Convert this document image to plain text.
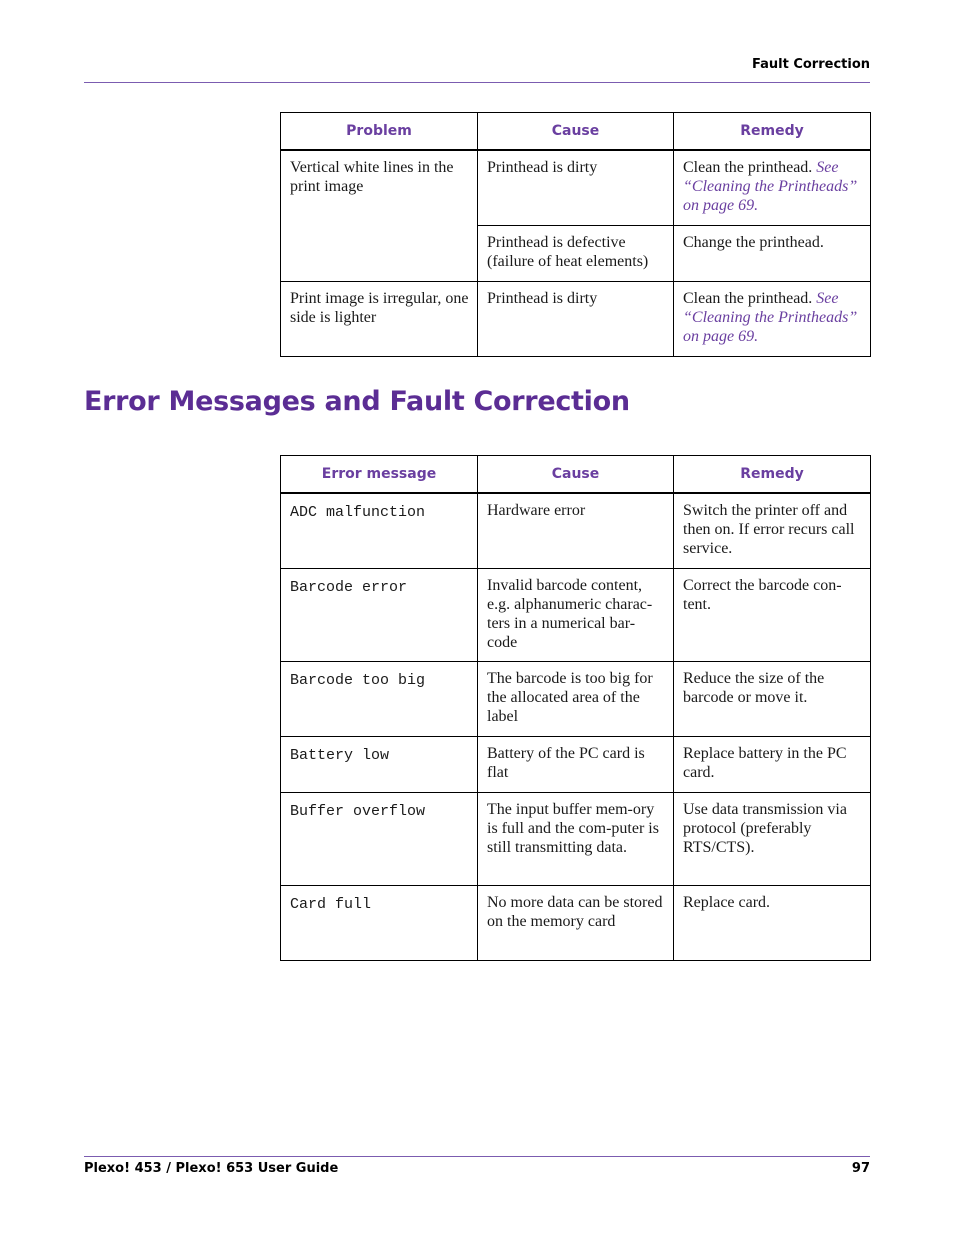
Fault Correction
Problem	Cause	Remedy
Vertical white lines in the print image	Printhead is dirty	Clean the printhead. See “Cleaning the Printheads” on page 69.
	Printhead is defective (failure of heat elements)	Change the printhead.
Print image is irregular, one side is lighter	Printhead is dirty	Clean the printhead. See “Cleaning the Printheads” on page 69.
Error Messages and Fault Correction
Error message	Cause	Remedy
ADC malfunction	Hardware error	Switch the printer off and then on. If error recurs call service.
Barcode error	Invalid barcode content, e.g. alphanumeric charac-ters in a numerical bar-code	Correct the barcode con-tent.
Barcode too big	The barcode is too big for the allocated area of the label	Reduce the size of the barcode or move it.
Battery low	Battery of the PC card is flat	Replace battery in the PC card.
Buffer overflow	The input buffer mem-ory is full and the com-puter is still transmitting data.	Use data transmission via protocol (preferably RTS/CTS).
Card full	No more data can be stored on the memory card	Replace card.
Plexo! 453 / Plexo! 653 User Guide	97
